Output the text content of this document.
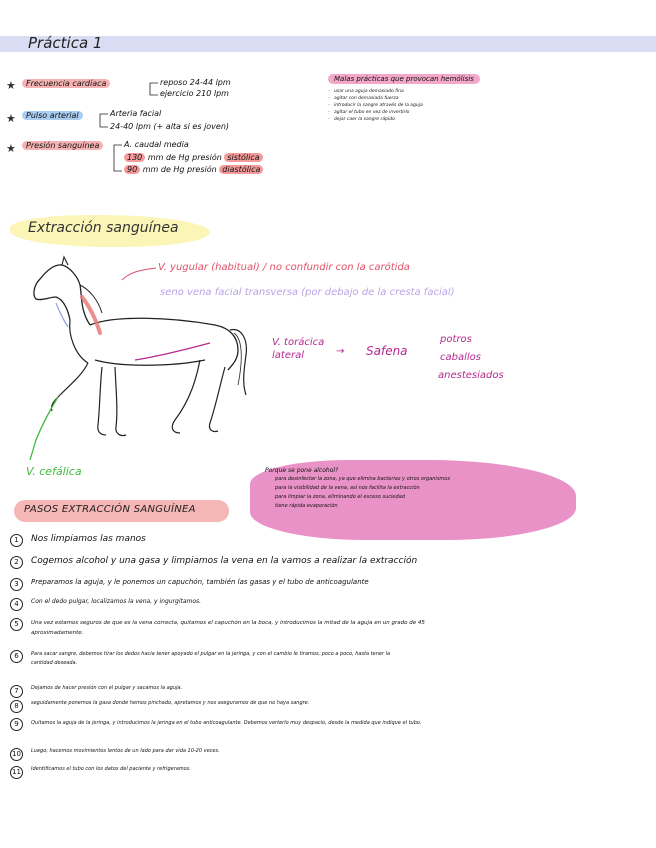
Práctica 1
★	Frecuencia cardíaca	reposo 24-44 lpm
ejercicio 210 lpm
★	Pulso arterial	Arteria facial
24-40 lpm (+ alta si es joven)
★	Presión sanguínea	A. caudal media
130 mm de Hg presión sistólica
90 mm de Hg presión diastólica
Malas prácticas que provocan hemólisis
- usar una aguja demasiado fina
- agitar con demasiada fuerza
- introducir la sangre através de la aguja
- agitar el tubo en vez de invertirlo
- dejar caer la sangre rápido
Extracción sanguínea
V. yugular (habitual) / no confundir con la carótida
seno vena facial transversa (por debajo de la cresta facial)
V. torácica
lateral	→ Safena
potros
caballos
anestesiados
V. cefálica	Porque se pone alcohol?
para desinfectar la zona, ya que elimina bacterias y otros organismos
para la visibilidad de la vena, así nos facilita la extracción
para limpiar la zona, eliminando el exceso suciedad
tiene rápida evaporación
PASOS EXTRACCIÓN SANGUÍNEA
1	Nos limpiamos las manos
2	Cogemos alcohol y una gasa y limpiamos la vena en la vamos a realizar la extracción
3	Preparamos la aguja, y le ponemos un capuchón, también las gasas y el tubo de anticoagulante
4	Con el dedo pulgar, localizamos la vena, y ingurgitamos.
5	Una vez estamos seguros de que es la vena correcta, quitamos el capuchón en la boca, y introducimos la mitad de la aguja en un grado de 45 aproximadamente.
6	Para sacar sangre, debemos tirar los dedos hacia tener apoyado el pulgar en la jeringa, y con el cambio le tiramos, poco a poco, hasta tener la cantidad deseada.
7	Dejamos de hacer presión con el pulgar y sacamos la aguja.
8	seguidamente ponemos la gasa donde hemos pinchado, apretamos y nos aseguramos de que no haya sangre.
9	Quitamos la aguja de la jeringa, y introducimos la jeringa en el tubo anticoagulante. Debemos verterlo muy despacio, desde la medida que indique el tubo.
10	Luego, hacemos movimientos lentos de un lado para dar vida 10-20 veces.
11	Identificamos el tubo con los datos del paciente y refrigeramos.
